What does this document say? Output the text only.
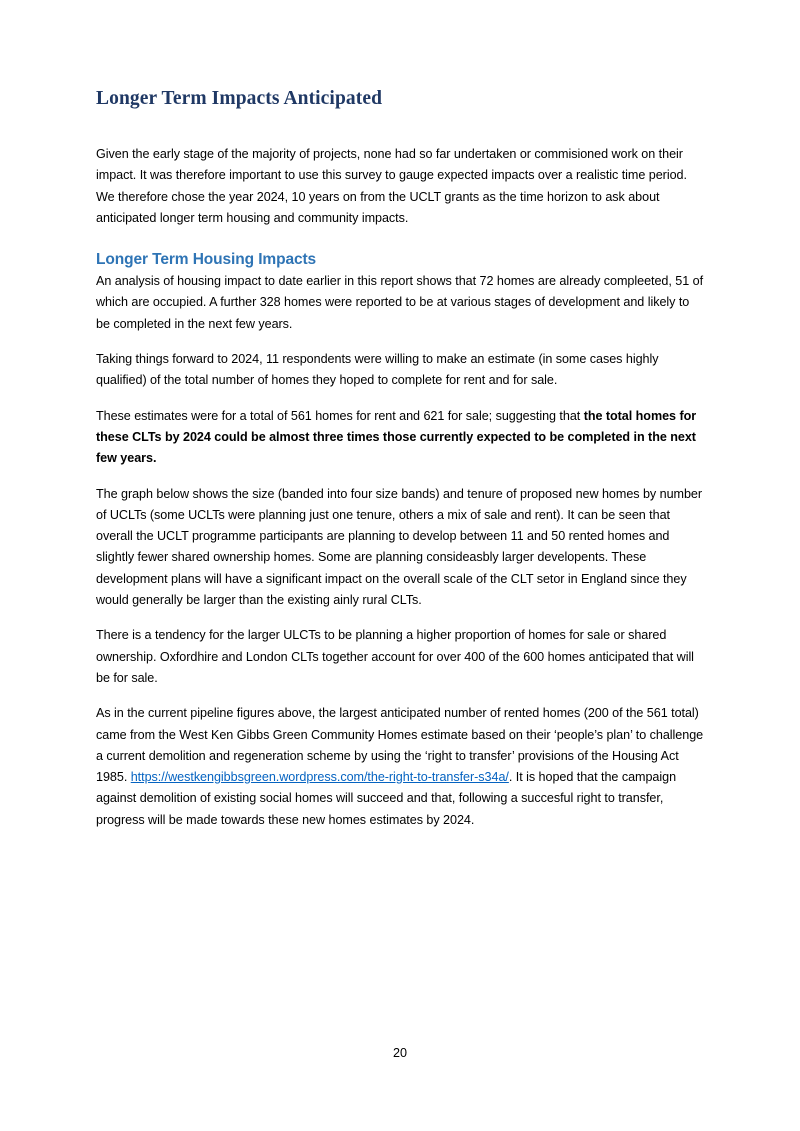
Longer Term Impacts Anticipated

Given the early stage of the majority of projects, none had so far undertaken or commisioned work on their impact. It was therefore important to use this survey to gauge expected impacts over a realistic time period. We therefore chose the year 2024, 10 years on from the UCLT grants as the time horizon to ask about anticipated longer term housing and community impacts.

Longer Term Housing Impacts

An analysis of housing impact to date earlier in this report shows that 72 homes are already compleeted, 51 of which are occupied. A further 328 homes were reported to be at various stages of development and likely to be completed in the next few years.

Taking things forward to 2024, 11 respondents were willing to make an estimate (in some cases highly qualified) of the total number of homes they hoped to complete for rent and for sale.

These estimates were for a total of 561 homes for rent and 621 for sale; suggesting that the total homes for these CLTs by 2024 could be almost three times those currently expected to be completed in the next few years.

The graph below shows the size (banded into four size bands) and tenure of proposed new homes by number of UCLTs (some UCLTs were planning just one tenure, others a mix of sale and rent). It can be seen that overall the UCLT programme participants are planning to develop between 11 and 50 rented homes and slightly fewer shared ownership homes. Some are planning consideasbly larger developents. These development plans will have a significant impact on the overall scale of the CLT setor in England since they would generally be larger than the existing ainly rural CLTs.

There is a tendency for the larger ULCTs to be planning a higher proportion of homes for sale or shared ownership. Oxfordhire and London CLTs together account for over 400 of the 600 homes anticipated that will be for sale.

As in the current pipeline figures above, the largest anticipated number of rented homes (200 of the 561 total) came from the West Ken Gibbs Green Community Homes estimate based on their ‘people’s plan’ to challenge a current demolition and regeneration scheme by using the ‘right to transfer’ provisions of the Housing Act 1985. https://westkengibbsgreen.wordpress.com/the-right-to-transfer-s34a/. It is hoped that the campaign against demolition of existing social homes will succeed and that, following a succesful right to transfer, progress will be made towards these new homes estimates by 2024.

20
